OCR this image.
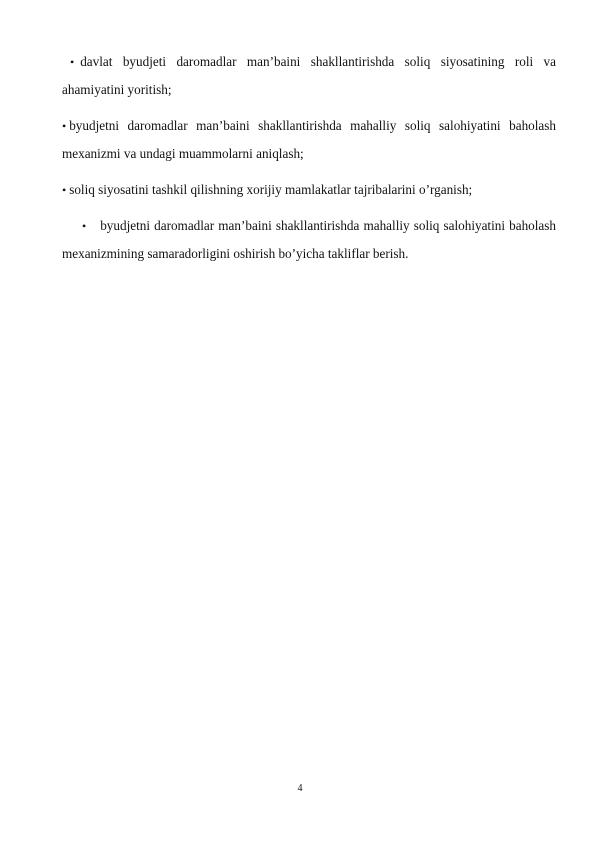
• davlat byudjeti daromadlar man’baini shakllantirishda soliq siyosatining roli va ahamiyatini yoritish;

• byudjetni daromadlar man’baini shakllantirishda mahalliy soliq salohiyatini baholash mexanizmi va undagi muammolarni aniqlash;

• soliq siyosatini tashkil qilishning xorijiy mamlakatlar tajribalarini o’rganish;

• byudjetni daromadlar man’baini shakllantirishda mahalliy soliq salohiyatini baholash mexanizmining samaradorligini oshirish bo’yicha takliflar berish.

4
